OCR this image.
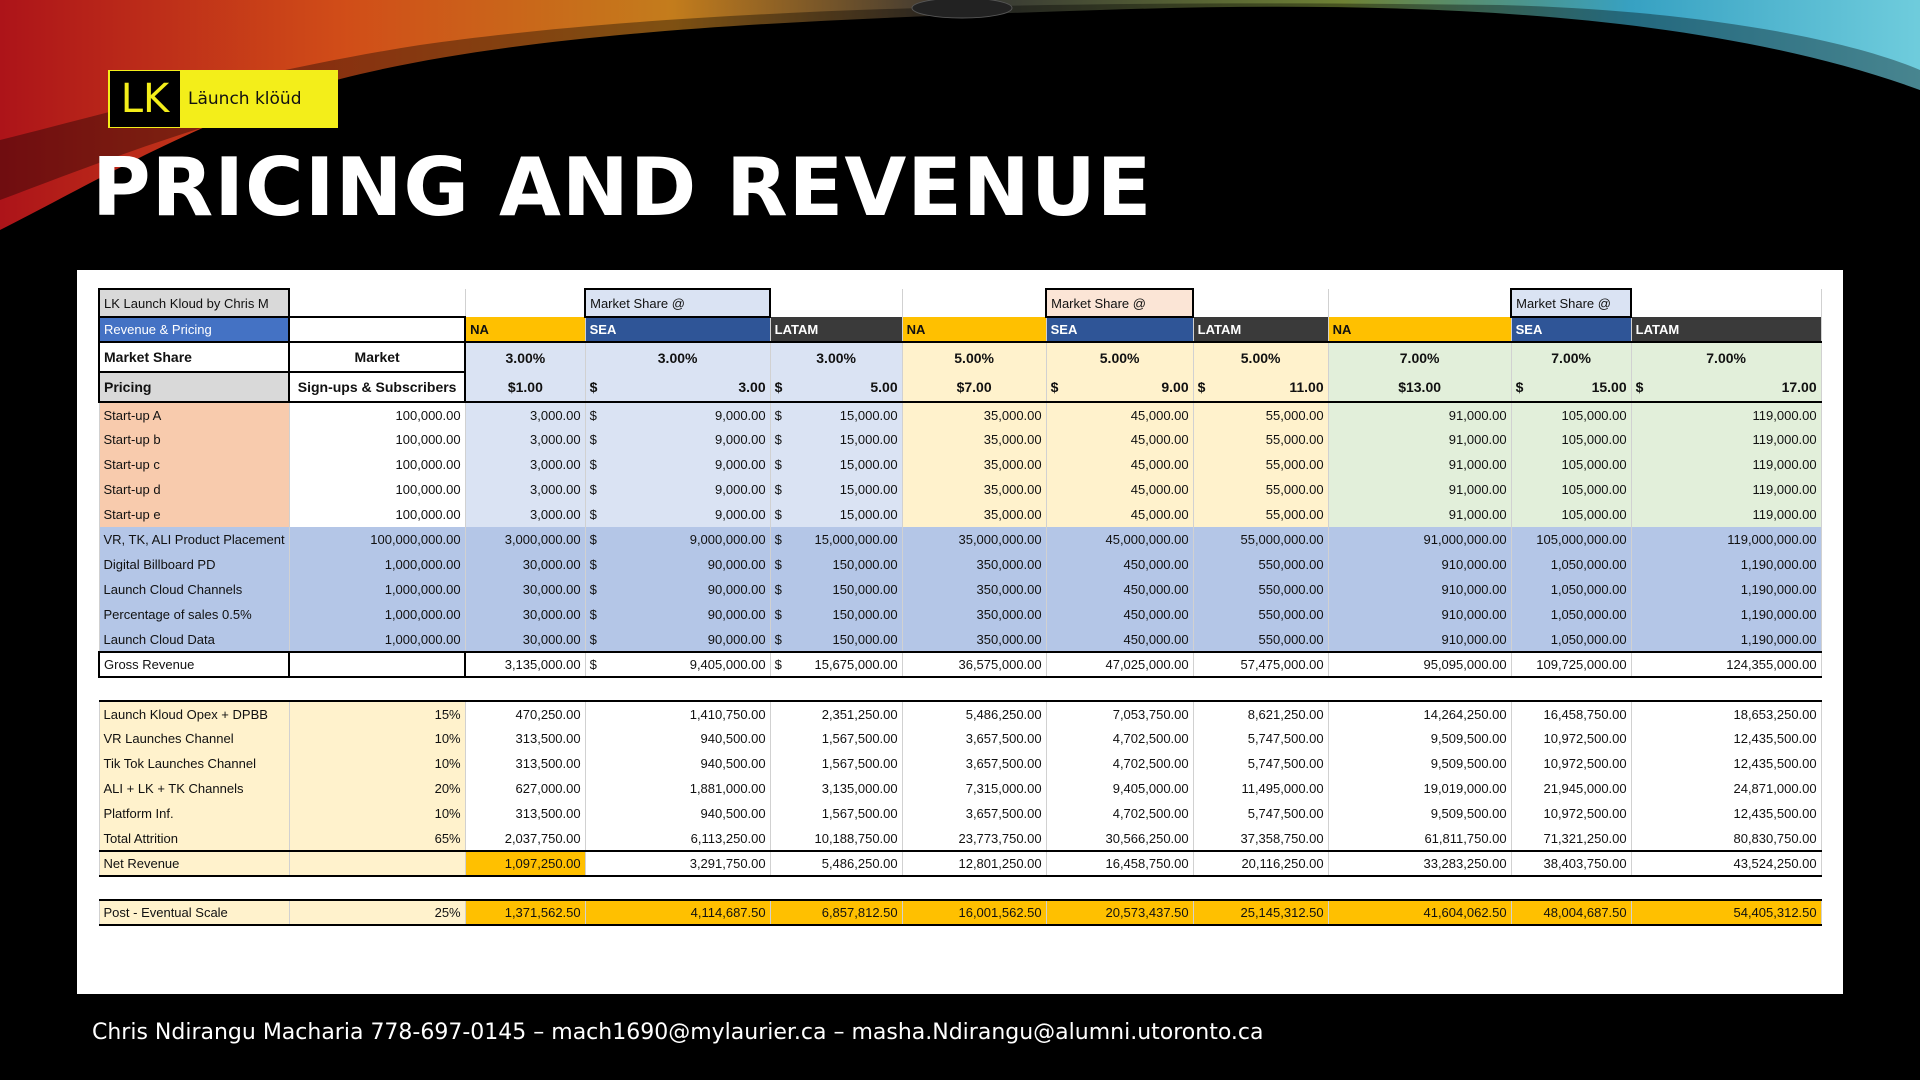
LK	Läunch klöüd
PRICING AND REVENUE
LK Launch Kloud by Chris M			Market Share @			Market Share @			Market Share @	
Revenue & Pricing		NA	SEA	LATAM	NA	SEA	LATAM	NA	SEA	LATAM
Market Share	Market	3.00%	3.00%	3.00%	5.00%	5.00%	5.00%	7.00%	7.00%	7.00%
Pricing	Sign-ups & Subscribers	$1.00	$ 3.00	$ 5.00	$7.00	$ 9.00	$ 11.00	$13.00	$ 15.00	$ 17.00

Start-up A	100,000.00	3,000.00	$ 9,000.00	$ 15,000.00	35,000.00	45,000.00	55,000.00	91,000.00	105,000.00	119,000.00
Start-up b	100,000.00	3,000.00	$ 9,000.00	$ 15,000.00	35,000.00	45,000.00	55,000.00	91,000.00	105,000.00	119,000.00
Start-up c	100,000.00	3,000.00	$ 9,000.00	$ 15,000.00	35,000.00	45,000.00	55,000.00	91,000.00	105,000.00	119,000.00
Start-up d	100,000.00	3,000.00	$ 9,000.00	$ 15,000.00	35,000.00	45,000.00	55,000.00	91,000.00	105,000.00	119,000.00
Start-up e	100,000.00	3,000.00	$ 9,000.00	$ 15,000.00	35,000.00	45,000.00	55,000.00	91,000.00	105,000.00	119,000.00
VR, TK, ALI Product Placement	100,000,000.00	3,000,000.00	$ 9,000,000.00	$ 15,000,000.00	35,000,000.00	45,000,000.00	55,000,000.00	91,000,000.00	105,000,000.00	119,000,000.00
Digital Billboard PD	1,000,000.00	30,000.00	$ 90,000.00	$ 150,000.00	350,000.00	450,000.00	550,000.00	910,000.00	1,050,000.00	1,190,000.00
Launch Cloud Channels	1,000,000.00	30,000.00	$ 90,000.00	$ 150,000.00	350,000.00	450,000.00	550,000.00	910,000.00	1,050,000.00	1,190,000.00
Percentage of sales 0.5%	1,000,000.00	30,000.00	$ 90,000.00	$ 150,000.00	350,000.00	450,000.00	550,000.00	910,000.00	1,050,000.00	1,190,000.00
Launch Cloud Data	1,000,000.00	30,000.00	$ 90,000.00	$ 150,000.00	350,000.00	450,000.00	550,000.00	910,000.00	1,050,000.00	1,190,000.00
Gross Revenue		3,135,000.00	$ 9,405,000.00	$ 15,675,000.00	36,575,000.00	47,025,000.00	57,475,000.00	95,095,000.00	109,725,000.00	124,355,000.00

Launch Kloud Opex + DPBB	15%	470,250.00	1,410,750.00	2,351,250.00	5,486,250.00	7,053,750.00	8,621,250.00	14,264,250.00	16,458,750.00	18,653,250.00
VR Launches Channel	10%	313,500.00	940,500.00	1,567,500.00	3,657,500.00	4,702,500.00	5,747,500.00	9,509,500.00	10,972,500.00	12,435,500.00
Tik Tok Launches Channel	10%	313,500.00	940,500.00	1,567,500.00	3,657,500.00	4,702,500.00	5,747,500.00	9,509,500.00	10,972,500.00	12,435,500.00
ALI + LK + TK Channels	20%	627,000.00	1,881,000.00	3,135,000.00	7,315,000.00	9,405,000.00	11,495,000.00	19,019,000.00	21,945,000.00	24,871,000.00
Platform Inf.	10%	313,500.00	940,500.00	1,567,500.00	3,657,500.00	4,702,500.00	5,747,500.00	9,509,500.00	10,972,500.00	12,435,500.00
Total Attrition	65%	2,037,750.00	6,113,250.00	10,188,750.00	23,773,750.00	30,566,250.00	37,358,750.00	61,811,750.00	71,321,250.00	80,830,750.00
Net Revenue		1,097,250.00	3,291,750.00	5,486,250.00	12,801,250.00	16,458,750.00	20,116,250.00	33,283,250.00	38,403,750.00	43,524,250.00

Post - Eventual Scale	25%	1,371,562.50	4,114,687.50	6,857,812.50	16,001,562.50	20,573,437.50	25,145,312.50	41,604,062.50	48,004,687.50	54,405,312.50
Chris Ndirangu Macharia 778-697-0145 – mach1690@mylaurier.ca – masha.Ndirangu@alumni.utoronto.ca
